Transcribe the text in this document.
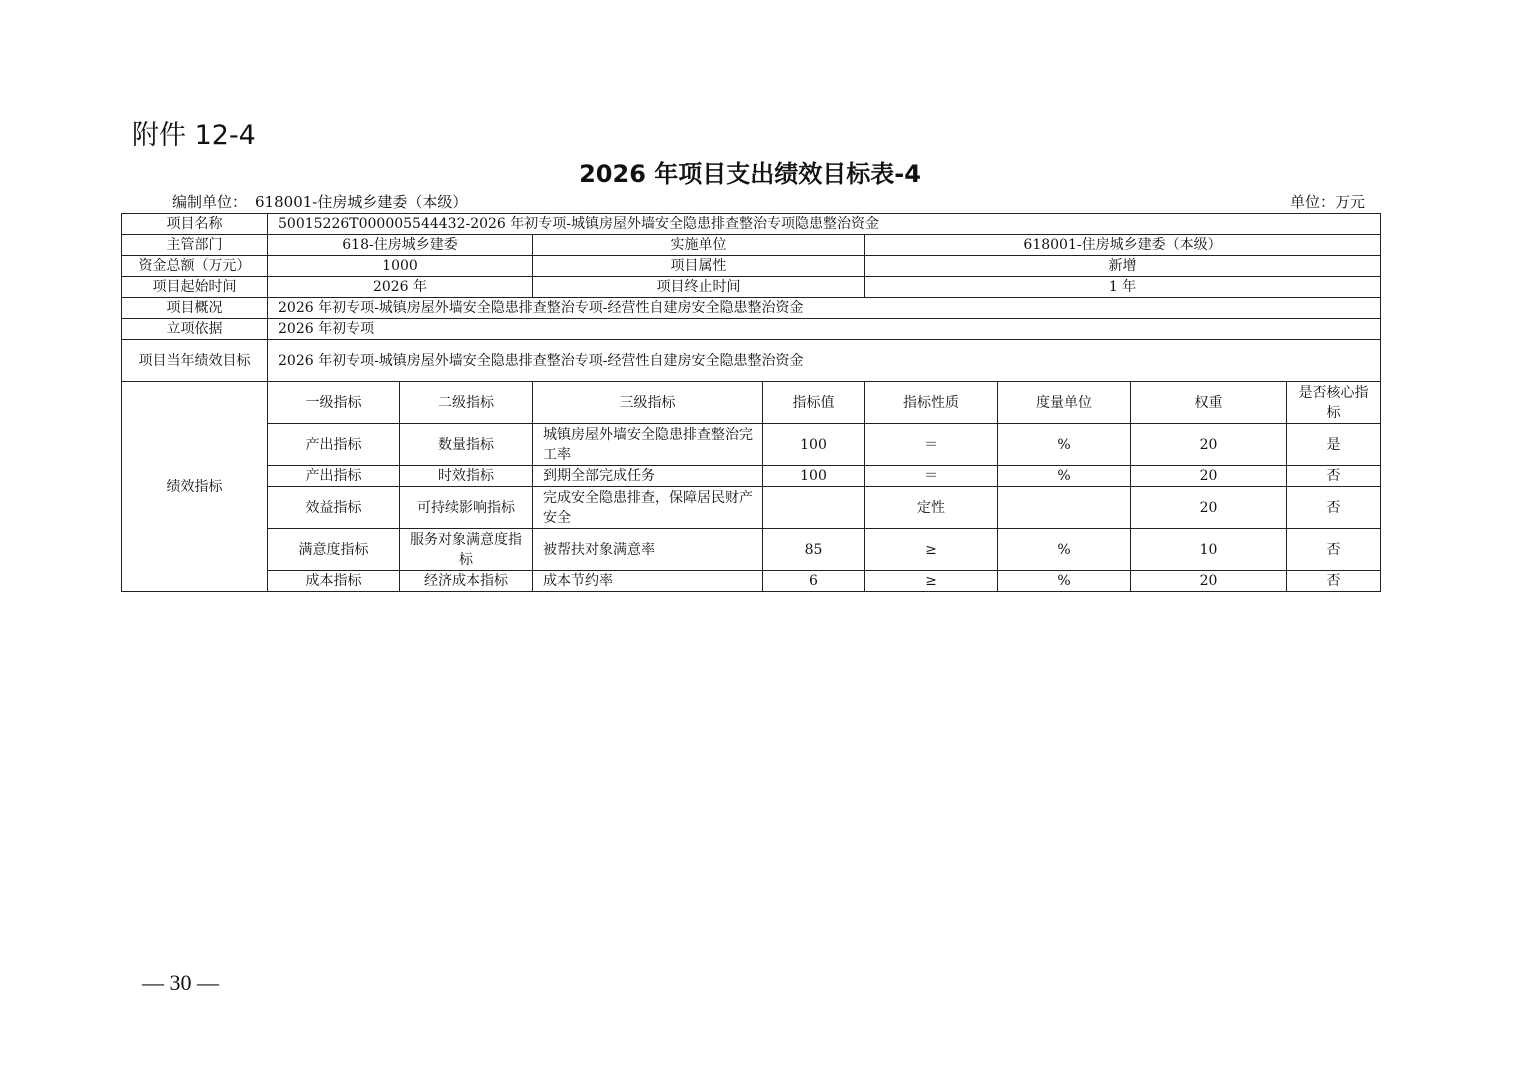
附件 12-4
2026 年项目支出绩效目标表-4
编制单位： 618001-住房城乡建委（本级）	单位：万元
项目名称	50015226T000005544432-2026 年初专项-城镇房屋外墙安全隐患排查整治专项隐患整治资金							
主管部门	618-住房城乡建委		实施单位		618001-住房城乡建委（本级）			
资金总额（万元）	1000		项目属性		新增			
项目起始时间	2026 年		项目终止时间		1 年			
项目概况	2026 年初专项-城镇房屋外墙安全隐患排查整治专项-经营性自建房安全隐患整治资金							
立项依据	2026 年初专项							
项目当年绩效目标	2026 年初专项-城镇房屋外墙安全隐患排查整治专项-经营性自建房安全隐患整治资金							
绩效指标	一级指标	二级指标	三级指标	指标值	指标性质	度量单位	权重	是否核心指标
	产出指标	数量指标	城镇房屋外墙安全隐患排查整治完工率	100	＝	%	20	是
	产出指标	时效指标	到期全部完成任务	100	＝	%	20	否
	效益指标	可持续影响指标	完成安全隐患排查，保障居民财产安全		定性		20	否
	满意度指标	服务对象满意度指标	被帮扶对象满意率	85	≥	%	10	否
	成本指标	经济成本指标	成本节约率	6	≥	%	20	否
— 30 —
